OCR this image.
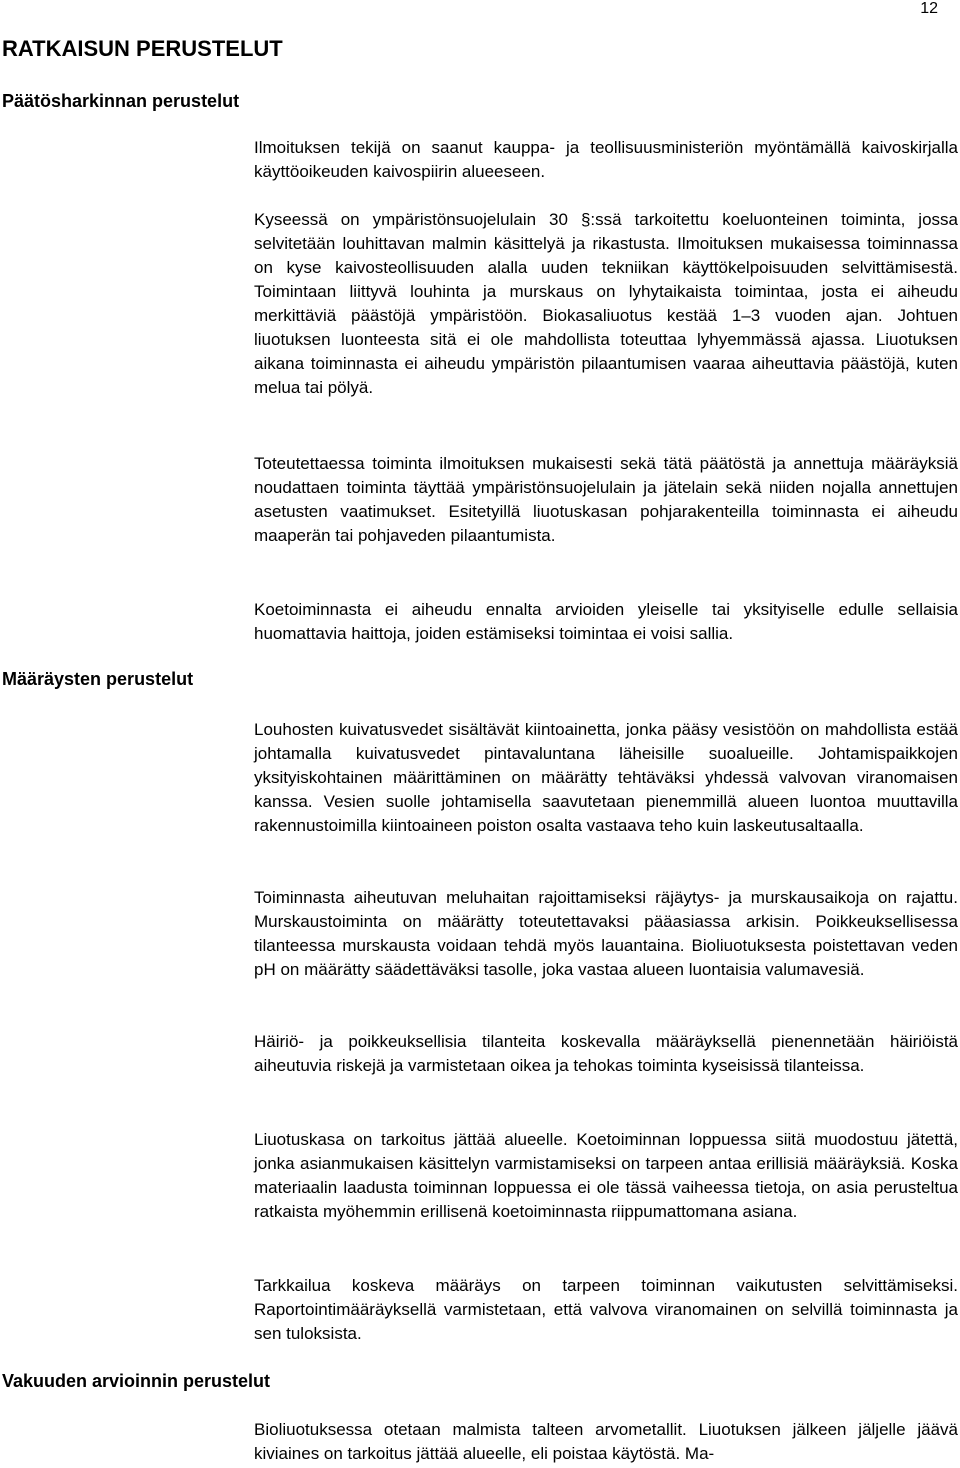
12
RATKAISUN PERUSTELUT
Päätösharkinnan perustelut

Ilmoituksen tekijä on saanut kauppa- ja teollisuusministeriön myöntämällä kaivoskirjalla käyttöoikeuden kaivospiirin alueeseen.

Kyseessä on ympäristönsuojelulain 30 §:ssä tarkoitettu koeluonteinen toiminta, jossa selvitetään louhittavan malmin käsittelyä ja rikastusta. Ilmoituksen mukaisessa toiminnassa on kyse kaivosteollisuuden alalla uuden tekniikan käyttökelpoisuuden selvittämisestä. Toimintaan liittyvä louhinta ja murskaus on lyhytaikaista toimintaa, josta ei aiheudu merkittäviä päästöjä ympäristöön. Biokasaliuotus kestää 1–3 vuoden ajan. Johtuen liuotuksen luonteesta sitä ei ole mahdollista toteuttaa lyhyemmässä ajassa. Liuotuksen aikana toiminnasta ei aiheudu ympäristön pilaantumisen vaaraa aiheuttavia päästöjä, kuten melua tai pölyä.

Toteutettaessa toiminta ilmoituksen mukaisesti sekä tätä päätöstä ja annettuja määräyksiä noudattaen toiminta täyttää ympäristönsuojelulain ja jätelain sekä niiden nojalla annettujen asetusten vaatimukset. Esitetyillä liuotuskasan pohjarakenteilla toiminnasta ei aiheudu maaperän tai pohjaveden pilaantumista.

Koetoiminnasta ei aiheudu ennalta arvioiden yleiselle tai yksityiselle edulle sellaisia huomattavia haittoja, joiden estämiseksi toimintaa ei voisi sallia.

Määräysten perustelut

Louhosten kuivatusvedet sisältävät kiintoainetta, jonka pääsy vesistöön on mahdollista estää johtamalla kuivatusvedet pintavaluntana läheisille suoalueille. Johtamispaikkojen yksityiskohtainen määrittäminen on määrätty tehtäväksi yhdessä valvovan viranomaisen kanssa. Vesien suolle johtamisella saavutetaan pienemmillä alueen luontoa muuttavilla rakennustoimilla kiintoaineen poiston osalta vastaava teho kuin laskeutusaltaalla.

Toiminnasta aiheutuvan meluhaitan rajoittamiseksi räjäytys- ja murskausaikoja on rajattu. Murskaustoiminta on määrätty toteutettavaksi pääasiassa arkisin. Poikkeuksellisessa tilanteessa murskausta voidaan tehdä myös lauantaina. Bioliuotuksesta poistettavan veden pH on määrätty säädettäväksi tasolle, joka vastaa alueen luontaisia valumavesiä.

Häiriö- ja poikkeuksellisia tilanteita koskevalla määräyksellä pienennetään häiriöistä aiheutuvia riskejä ja varmistetaan oikea ja tehokas toiminta kyseisissä tilanteissa.

Liuotuskasa on tarkoitus jättää alueelle. Koetoiminnan loppuessa siitä muodostuu jätettä, jonka asianmukaisen käsittelyn varmistamiseksi on tarpeen antaa erillisiä määräyksiä. Koska materiaalin laadusta toiminnan loppuessa ei ole tässä vaiheessa tietoja, on asia perusteltua ratkaista myöhemmin erillisenä koetoiminnasta riippumattomana asiana.

Tarkkailua koskeva määräys on tarpeen toiminnan vaikutusten selvittämiseksi. Raportointimääräyksellä varmistetaan, että valvova viranomainen on selvillä toiminnasta ja sen tuloksista.

Vakuuden arvioinnin perustelut

Bioliuotuksessa otetaan malmista talteen arvometallit. Liuotuksen jälkeen jäljelle jäävä kiviaines on tarkoitus jättää alueelle, eli poistaa käytöstä. Ma-
